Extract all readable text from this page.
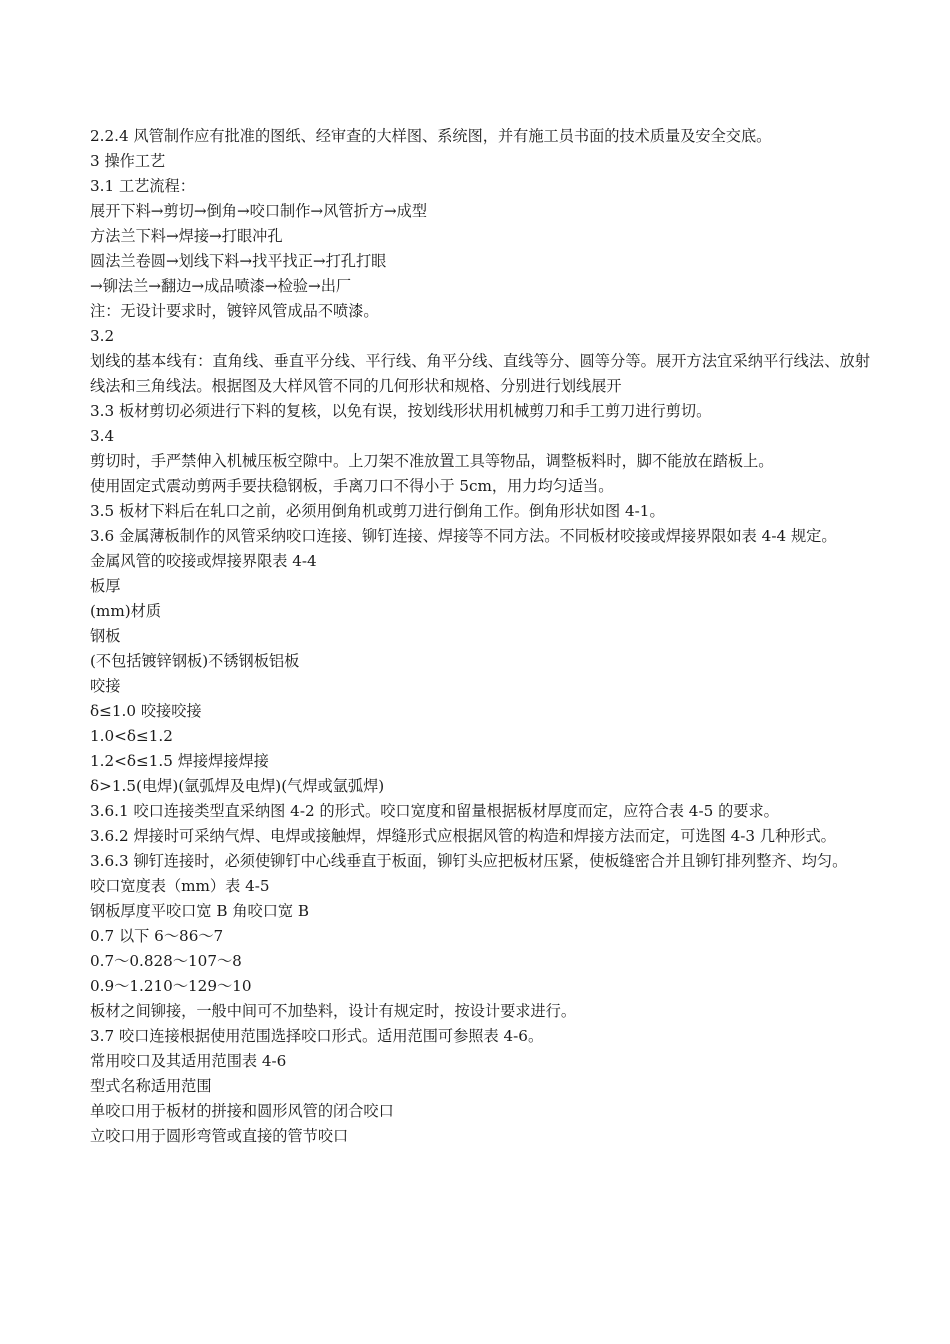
2.2.4 风管制作应有批准的图纸、经审查的大样图、系统图，并有施工员书面的技术质量及安全交底。

3 操作工艺

3.1 工艺流程：

展开下料→剪切→倒角→咬口制作→风管折方→成型

方法兰下料→焊接→打眼冲孔

圆法兰卷圆→划线下料→找平找正→打孔打眼

→铆法兰→翻边→成品喷漆→检验→出厂

注：无设计要求时，镀锌风管成品不喷漆。

3.2

划线的基本线有：直角线、垂直平分线、平行线、角平分线、直线等分、圆等分等。展开方法宜采纳平行线法、放射线法和三角线法。根据图及大样风管不同的几何形状和规格、分别进行划线展开

3.3 板材剪切必须进行下料的复核，以免有误，按划线形状用机械剪刀和手工剪刀进行剪切。

3.4

剪切时，手严禁伸入机械压板空隙中。上刀架不准放置工具等物品，调整板料时，脚不能放在踏板上。

使用固定式震动剪两手要扶稳钢板，手离刀口不得小于 5cm，用力均匀适当。

3.5 板材下料后在轧口之前，必须用倒角机或剪刀进行倒角工作。倒角形状如图 4-1。

3.6 金属薄板制作的风管采纳咬口连接、铆钉连接、焊接等不同方法。不同板材咬接或焊接界限如表 4-4 规定。

金属风管的咬接或焊接界限表 4-4

板厚

(mm)材质

钢板

(不包括镀锌钢板)不锈钢板铝板

咬接

δ≤1.0 咬接咬接

1.0<δ≤1.2

1.2<δ≤1.5 焊接焊接焊接

δ>1.5(电焊)(氩弧焊及电焊)(气焊或氩弧焊)

3.6.1 咬口连接类型直采纳图 4-2 的形式。咬口宽度和留量根据板材厚度而定，应符合表 4-5 的要求。

3.6.2 焊接时可采纳气焊、电焊或接触焊，焊缝形式应根据风管的构造和焊接方法而定，可选图 4-3 几种形式。

3.6.3 铆钉连接时，必须使铆钉中心线垂直于板面，铆钉头应把板材压紧，使板缝密合并且铆钉排列整齐、均匀。

咬口宽度表（mm）表 4-5

钢板厚度平咬口宽 B 角咬口宽 B

0.7 以下 6～86～7

0.7～0.828～107～8

0.9～1.210～129～10

板材之间铆接，一般中间可不加垫料，设计有规定时，按设计要求进行。

3.7 咬口连接根据使用范围选择咬口形式。适用范围可参照表 4-6。

常用咬口及其适用范围表 4-6

型式名称适用范围

单咬口用于板材的拼接和圆形风管的闭合咬口

立咬口用于圆形弯管或直接的管节咬口
